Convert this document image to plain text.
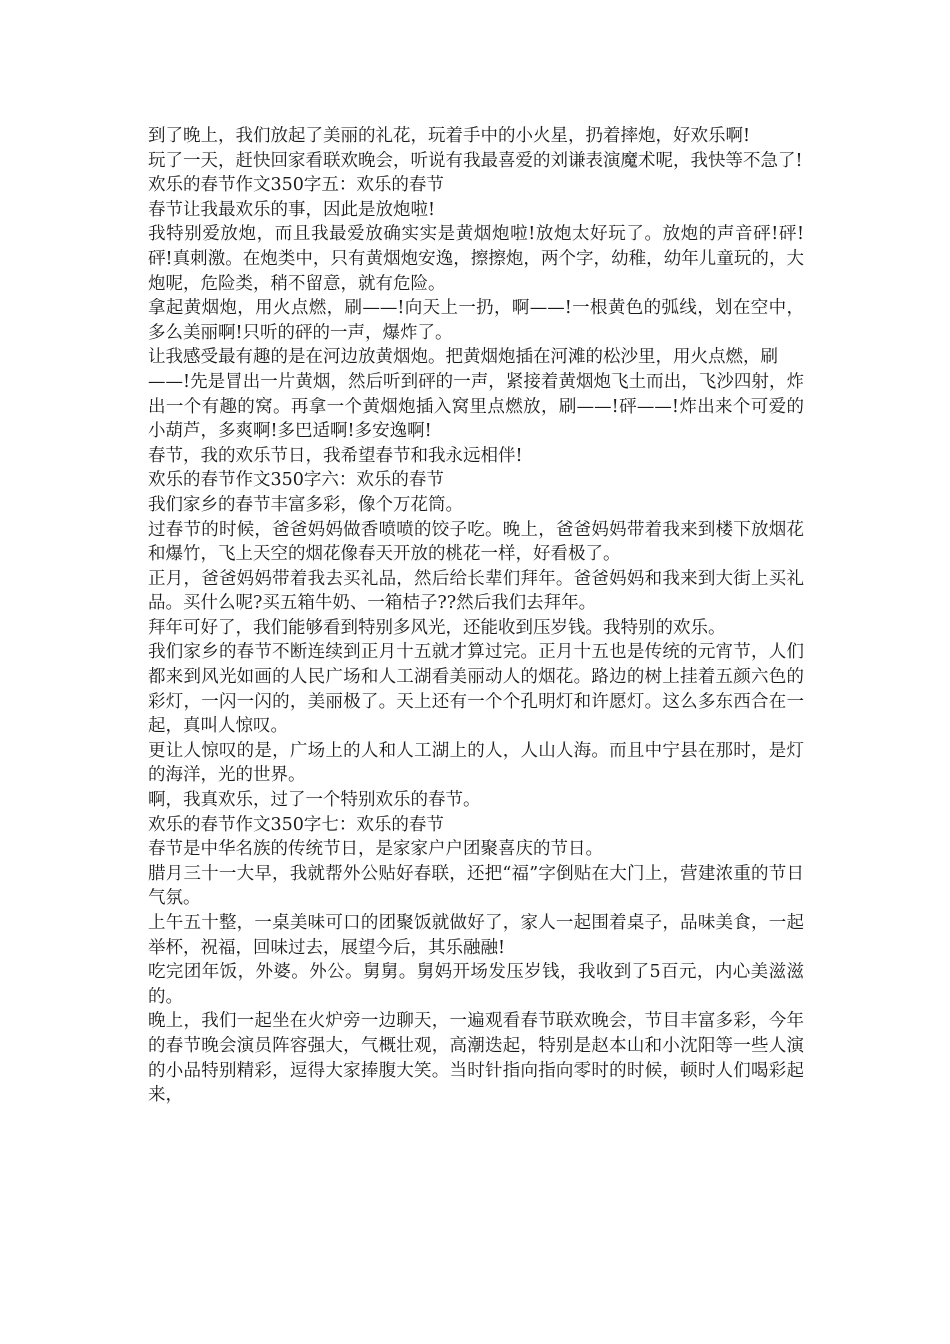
到了晚上，我们放起了美丽的礼花，玩着手中的小火星，扔着摔炮，好欢乐啊!

玩了一天，赶快回家看联欢晚会，听说有我最喜爱的刘谦表演魔术呢，我快等不急了!

欢乐的春节作文350字五：欢乐的春节

春节让我最欢乐的事，因此是放炮啦!

我特别爱放炮，而且我最爱放确实实是黄烟炮啦!放炮太好玩了。放炮的声音砰!砰!砰!真刺激。在炮类中，只有黄烟炮安逸，擦擦炮，两个字，幼稚，幼年儿童玩的，大炮呢，危险类，稍不留意，就有危险。

拿起黄烟炮，用火点燃，刷——!向天上一扔，啊——!一根黄色的弧线，划在空中，多么美丽啊!只听的砰的一声，爆炸了。

让我感受最有趣的是在河边放黄烟炮。把黄烟炮插在河滩的松沙里，用火点燃，刷

——!先是冒出一片黄烟，然后听到砰的一声，紧接着黄烟炮飞土而出，飞沙四射，炸出一个有趣的窝。再拿一个黄烟炮插入窝里点燃放，刷——!砰——!炸出来个可爱的小葫芦，多爽啊!多巴适啊!多安逸啊!

春节，我的欢乐节日，我希望春节和我永远相伴!

欢乐的春节作文350字六：欢乐的春节

我们家乡的春节丰富多彩，像个万花筒。

过春节的时候，爸爸妈妈做香喷喷的饺子吃。晚上，爸爸妈妈带着我来到楼下放烟花和爆竹，飞上天空的烟花像春天开放的桃花一样，好看极了。

正月，爸爸妈妈带着我去买礼品，然后给长辈们拜年。爸爸妈妈和我来到大街上买礼品。买什么呢?买五箱牛奶、一箱桔子??然后我们去拜年。

拜年可好了，我们能够看到特别多风光，还能收到压岁钱。我特别的欢乐。

我们家乡的春节不断连续到正月十五就才算过完。正月十五也是传统的元宵节，人们都来到风光如画的人民广场和人工湖看美丽动人的烟花。路边的树上挂着五颜六色的彩灯，一闪一闪的，美丽极了。天上还有一个个孔明灯和许愿灯。这么多东西合在一起，真叫人惊叹。

更让人惊叹的是，广场上的人和人工湖上的人，人山人海。而且中宁县在那时，是灯的海洋，光的世界。

啊，我真欢乐，过了一个特别欢乐的春节。

欢乐的春节作文350字七：欢乐的春节

春节是中华名族的传统节日，是家家户户团聚喜庆的节日。

腊月三十一大早，我就帮外公贴好春联，还把“福”字倒贴在大门上，营建浓重的节日气氛。

上午五十整，一桌美味可口的团聚饭就做好了，家人一起围着桌子，品味美食，一起举杯，祝福，回味过去，展望今后，其乐融融!

吃完团年饭，外婆。外公。舅舅。舅妈开场发压岁钱，我收到了5百元，内心美滋滋的。

晚上，我们一起坐在火炉旁一边聊天，一遍观看春节联欢晚会，节目丰富多彩，今年的春节晚会演员阵容强大，气概壮观，高潮迭起，特别是赵本山和小沈阳等一些人演的小品特别精彩，逗得大家捧腹大笑。当时针指向指向零时的时候，顿时人们喝彩起来，
